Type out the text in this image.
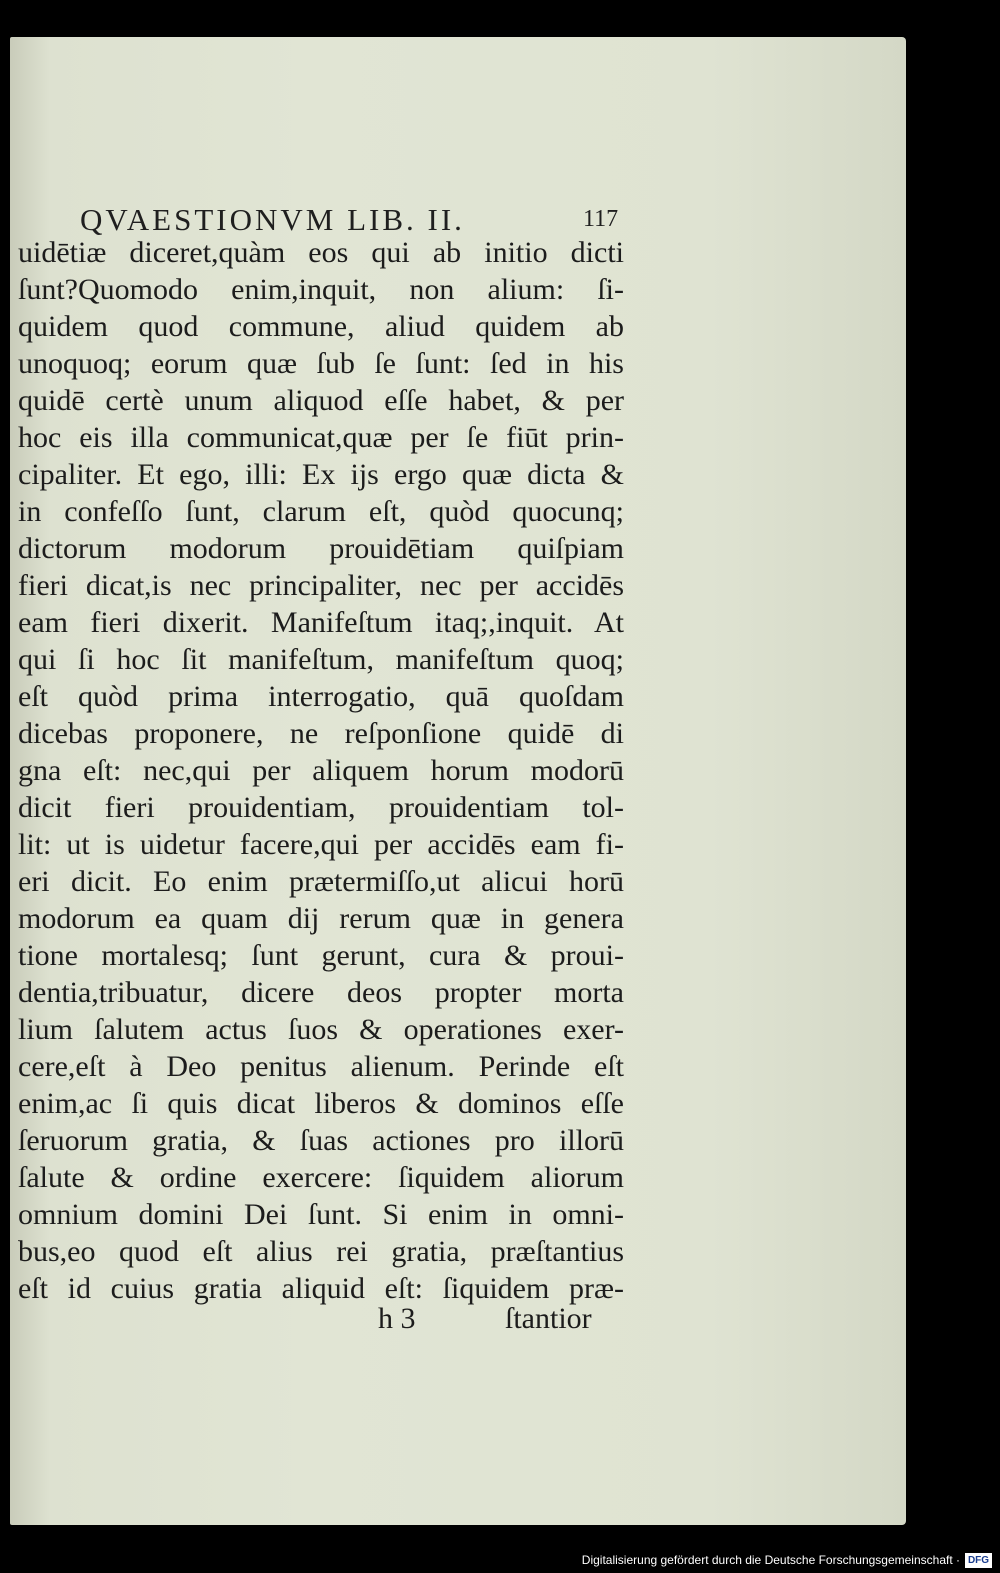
QVAESTIONVM LIB. II.	117
uidētiæ diceret,quàm eos qui ab initio dicti
ſunt?Quomodo enim,inquit, non alium: ſi-
quidem quod commune, aliud quidem ab
unoquoq; eorum quæ ſub ſe ſunt: ſed in his
quidē certè unum aliquod eſſe habet, & per
hoc eis illa communicat,quæ per ſe fiūt prin-
cipaliter. Et ego, illi: Ex ijs ergo quæ dicta &
in confeſſo ſunt, clarum eſt, quòd quocunq;
dictorum modorum prouidētiam quiſpiam
fieri dicat,is nec principaliter, nec per accidēs
eam fieri dixerit. Manifeſtum itaq;,inquit. At
qui ſi hoc ſit manifeſtum, manifeſtum quoq;
eſt quòd prima interrogatio, quā quoſdam
dicebas proponere, ne reſponſione quidē di
gna eſt: nec,qui per aliquem horum modorū
dicit fieri prouidentiam, prouidentiam tol-
lit: ut is uidetur facere,qui per accidēs eam fi-
eri dicit. Eo enim prætermiſſo,ut alicui horū
modorum ea quam dij rerum quæ in genera
tione mortalesq; ſunt gerunt, cura & proui-
dentia,tribuatur, dicere deos propter morta
lium ſalutem actus ſuos & operationes exer-
cere,eſt à Deo penitus alienum. Perinde eſt
enim,ac ſi quis dicat liberos & dominos eſſe
ſeruorum gratia, & ſuas actiones pro illorū
ſalute & ordine exercere: ſiquidem aliorum
omnium domini Dei ſunt. Si enim in omni-
bus,eo quod eſt alius rei gratia, præſtantius
eſt id cuius gratia aliquid eſt: ſiquidem præ-
h 3	ſtantior
Digitalisierung gefördert durch die Deutsche Forschungsgemeinschaft · DFG
